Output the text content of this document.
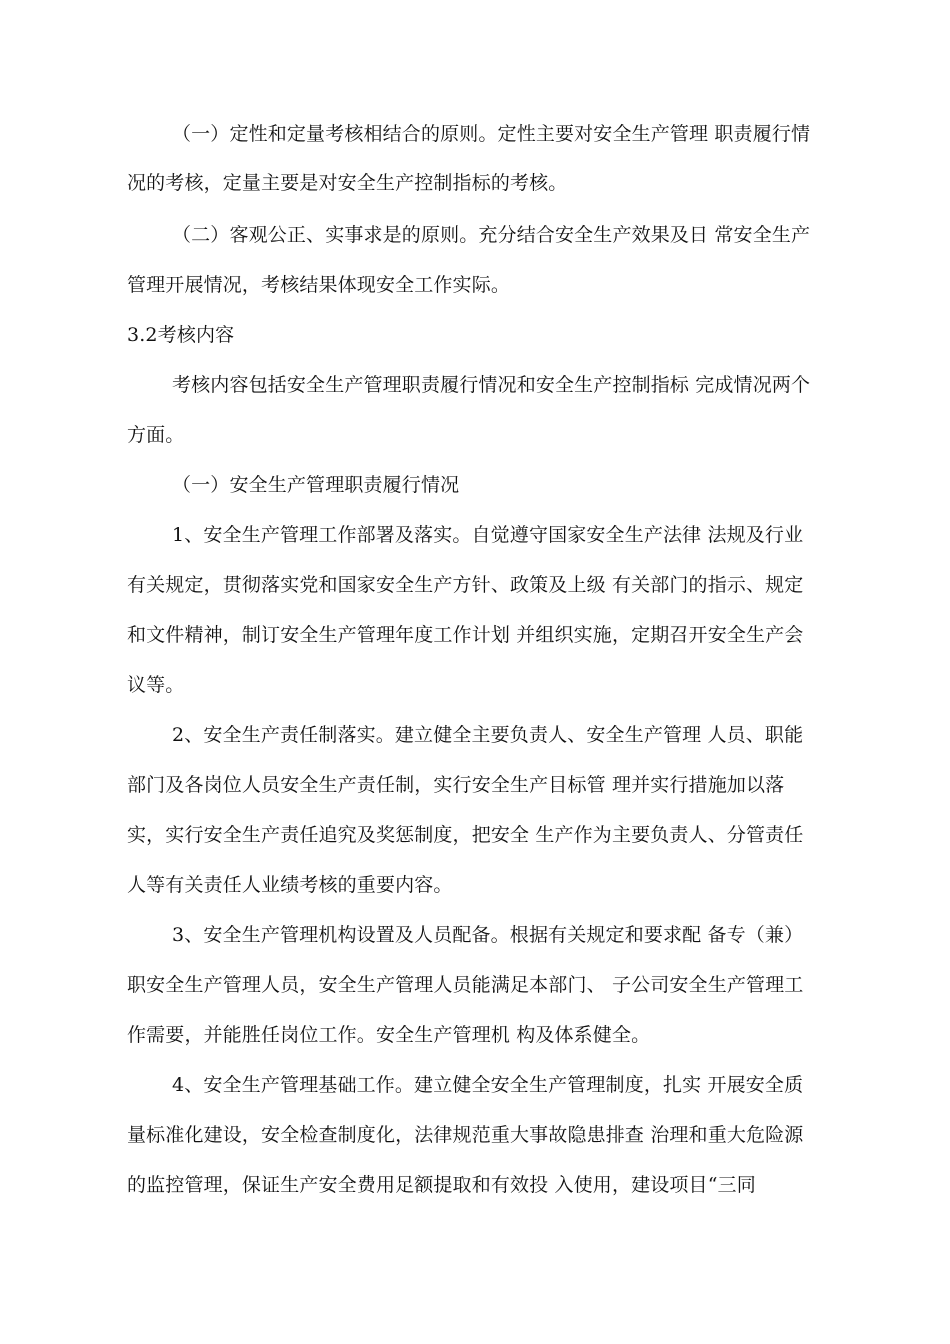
（一）定性和定量考核相结合的原则。定性主要对安全生产管理 职责履行情
况的考核，定量主要是对安全生产控制指标的考核。
（二）客观公正、实事求是的原则。充分结合安全生产效果及日 常安全生产
管理开展情况，考核结果体现安全工作实际。
3.2考核内容
考核内容包括安全生产管理职责履行情况和安全生产控制指标 完成情况两个
方面。
（一）安全生产管理职责履行情况
1、安全生产管理工作部署及落实。自觉遵守国家安全生产法律 法规及行业
有关规定，贯彻落实党和国家安全生产方针、政策及上级 有关部门的指示、规定
和文件精神，制订安全生产管理年度工作计划 并组织实施，定期召开安全生产会
议等。
2、安全生产责任制落实。建立健全主要负责人、安全生产管理 人员、职能
部门及各岗位人员安全生产责任制，实行安全生产目标管 理并实行措施加以落
实，实行安全生产责任追究及奖惩制度，把安全 生产作为主要负责人、分管责任
人等有关责任人业绩考核的重要内容。
3、安全生产管理机构设置及人员配备。根据有关规定和要求配 备专（兼）
职安全生产管理人员，安全生产管理人员能满足本部门、 子公司安全生产管理工
作需要，并能胜任岗位工作。安全生产管理机 构及体系健全。
4、安全生产管理基础工作。建立健全安全生产管理制度，扎实 开展安全质
量标准化建设，安全检查制度化，法律规范重大事故隐患排查 治理和重大危险源
的监控管理，保证生产安全费用足额提取和有效投 入使用，建设项目“三同
